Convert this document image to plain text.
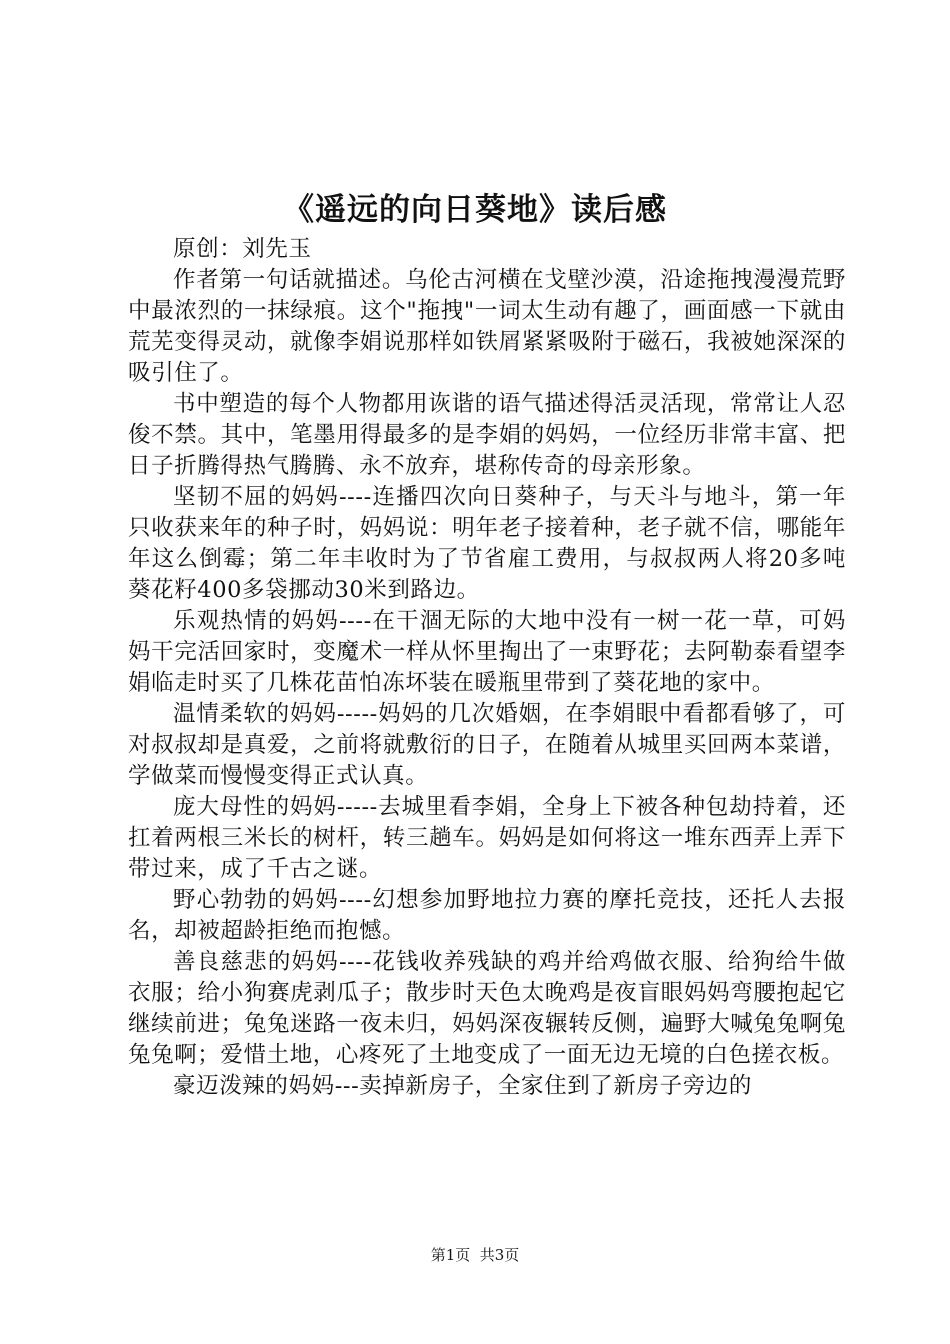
《遥远的向日葵地》读后感

原创：刘先玉

作者第一句话就描述。乌伦古河横在戈壁沙漠，沿途拖拽漫漫荒野中最浓烈的一抹绿痕。这个"拖拽"一词太生动有趣了，画面感一下就由荒芜变得灵动，就像李娟说那样如铁屑紧紧吸附于磁石，我被她深深的吸引住了。

书中塑造的每个人物都用诙谐的语气描述得活灵活现，常常让人忍俊不禁。其中，笔墨用得最多的是李娟的妈妈，一位经历非常丰富、把日子折腾得热气腾腾、永不放弃，堪称传奇的母亲形象。

坚韧不屈的妈妈----连播四次向日葵种子，与天斗与地斗，第一年只收获来年的种子时，妈妈说：明年老子接着种，老子就不信，哪能年年这么倒霉；第二年丰收时为了节省雇工费用，与叔叔两人将20多吨葵花籽400多袋挪动30米到路边。

乐观热情的妈妈----在干涸无际的大地中没有一树一花一草，可妈妈干完活回家时，变魔术一样从怀里掏出了一束野花；去阿勒泰看望李娟临走时买了几株花苗怕冻坏装在暖瓶里带到了葵花地的家中。

温情柔软的妈妈-----妈妈的几次婚姻，在李娟眼中看都看够了，可对叔叔却是真爱，之前将就敷衍的日子，在随着从城里买回两本菜谱，学做菜而慢慢变得正式认真。

庞大母性的妈妈-----去城里看李娟，全身上下被各种包劫持着，还扛着两根三米长的树杆，转三趟车。妈妈是如何将这一堆东西弄上弄下带过来，成了千古之谜。

野心勃勃的妈妈----幻想参加野地拉力赛的摩托竞技，还托人去报名，却被超龄拒绝而抱憾。

善良慈悲的妈妈----花钱收养残缺的鸡并给鸡做衣服、给狗给牛做衣服；给小狗赛虎剥瓜子；散步时天色太晚鸡是夜盲眼妈妈弯腰抱起它继续前进；兔兔迷路一夜未归，妈妈深夜辗转反侧，遍野大喊兔兔啊兔兔兔啊；爱惜土地，心疼死了土地变成了一面无边无境的白色搓衣板。

豪迈泼辣的妈妈---卖掉新房子，全家住到了新房子旁边的

第1页  共3页
